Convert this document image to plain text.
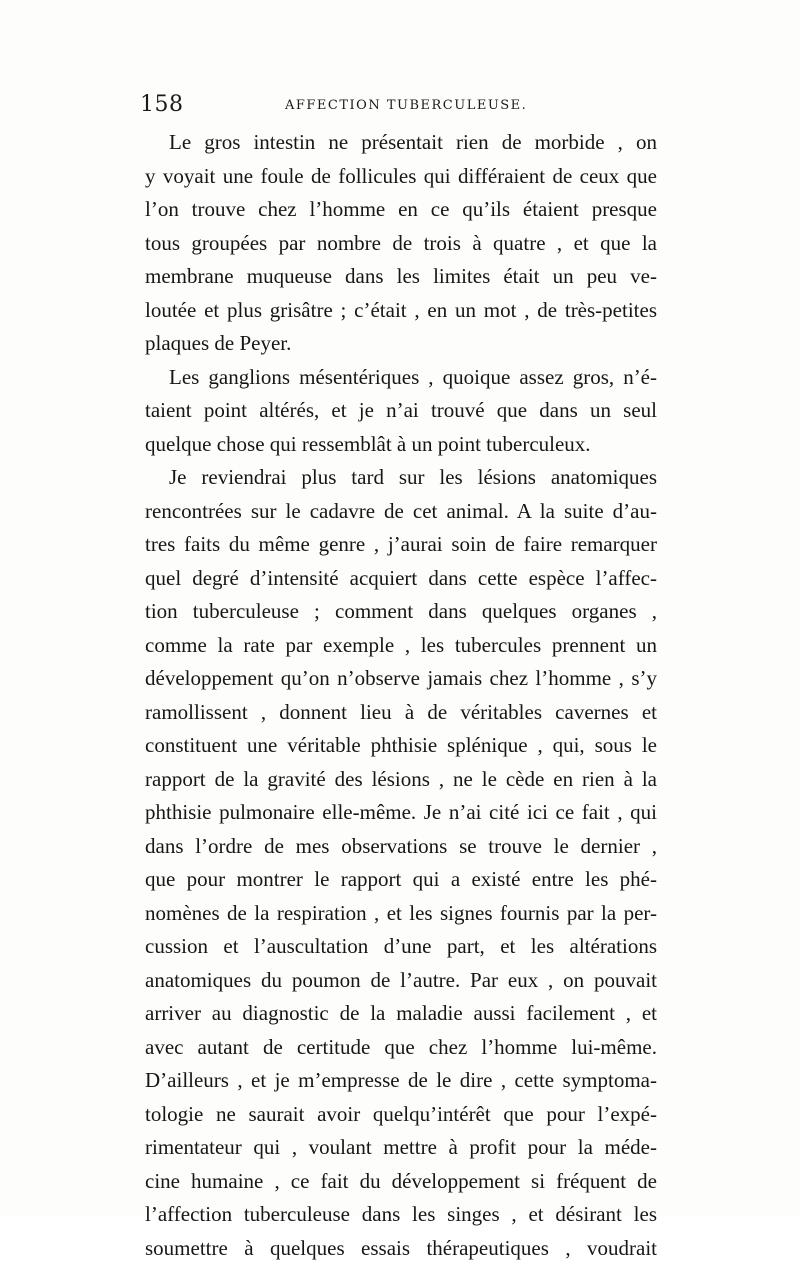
158	AFFECTION TUBERCULEUSE.
Le gros intestin ne présentait rien de morbide , on
y voyait une foule de follicules qui différaient de ceux que
l’on trouve chez l’homme en ce qu’ils étaient presque
tous groupées par nombre de trois à quatre , et que la
membrane muqueuse dans les limites était un peu ve-
loutée et plus grisâtre ; c’était , en un mot , de très-petites
plaques de Peyer.
Les ganglions mésentériques , quoique assez gros, n’é-
taient point altérés, et je n’ai trouvé que dans un seul
quelque chose qui ressemblât à un point tuberculeux.
Je reviendrai plus tard sur les lésions anatomiques
rencontrées sur le cadavre de cet animal. A la suite d’au-
tres faits du même genre , j’aurai soin de faire remarquer
quel degré d’intensité acquiert dans cette espèce l’affec-
tion tuberculeuse ; comment dans quelques organes ,
comme la rate par exemple , les tubercules prennent un
développement qu’on n’observe jamais chez l’homme , s’y
ramollissent , donnent lieu à de véritables cavernes et
constituent une véritable phthisie splénique , qui, sous le
rapport de la gravité des lésions , ne le cède en rien à la
phthisie pulmonaire elle-même. Je n’ai cité ici ce fait , qui
dans l’ordre de mes observations se trouve le dernier ,
que pour montrer le rapport qui a existé entre les phé-
nomènes de la respiration , et les signes fournis par la per-
cussion et l’auscultation d’une part, et les altérations
anatomiques du poumon de l’autre. Par eux , on pouvait
arriver au diagnostic de la maladie aussi facilement , et
avec autant de certitude que chez l’homme lui-même.
D’ailleurs , et je m’empresse de le dire , cette symptoma-
tologie ne saurait avoir quelqu’intérêt que pour l’expé-
rimentateur qui , voulant mettre à profit pour la méde-
cine humaine , ce fait du développement si fréquent de
l’affection tuberculeuse dans les singes , et désirant les
soumettre à quelques essais thérapeutiques , voudrait
